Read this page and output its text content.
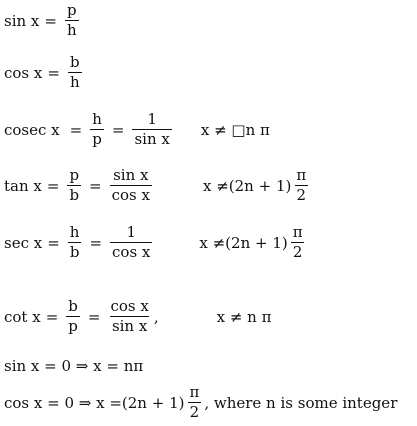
$\sin x = \frac{p}{h}$
$\cos x = \frac{b}{h}$
cosec $x = \frac{h}{p} = \frac{1}{\text{sin x}}$ x ≠ □n π
$\tan x = \frac{p}{b} = \frac{\text{sin x}}{\text{cos x}}$	$x \ne(2n + 1) \frac{\pi}{2}$
$\sec x = \frac{h}{b} = \frac{1}{\text{cos x}}$	$x \ne(2n + 1) \frac{\pi}{2}$
$\cot x = \frac{b}{p} = \frac{\text{cos x}}{\text{sin x}}$ ,	x ≠ n π
sin x = 0 ⇒ x = nπ
cos x = 0 ⇒ $x =(2n + 1) \frac{\pi}{2}$ , where n is some integer
